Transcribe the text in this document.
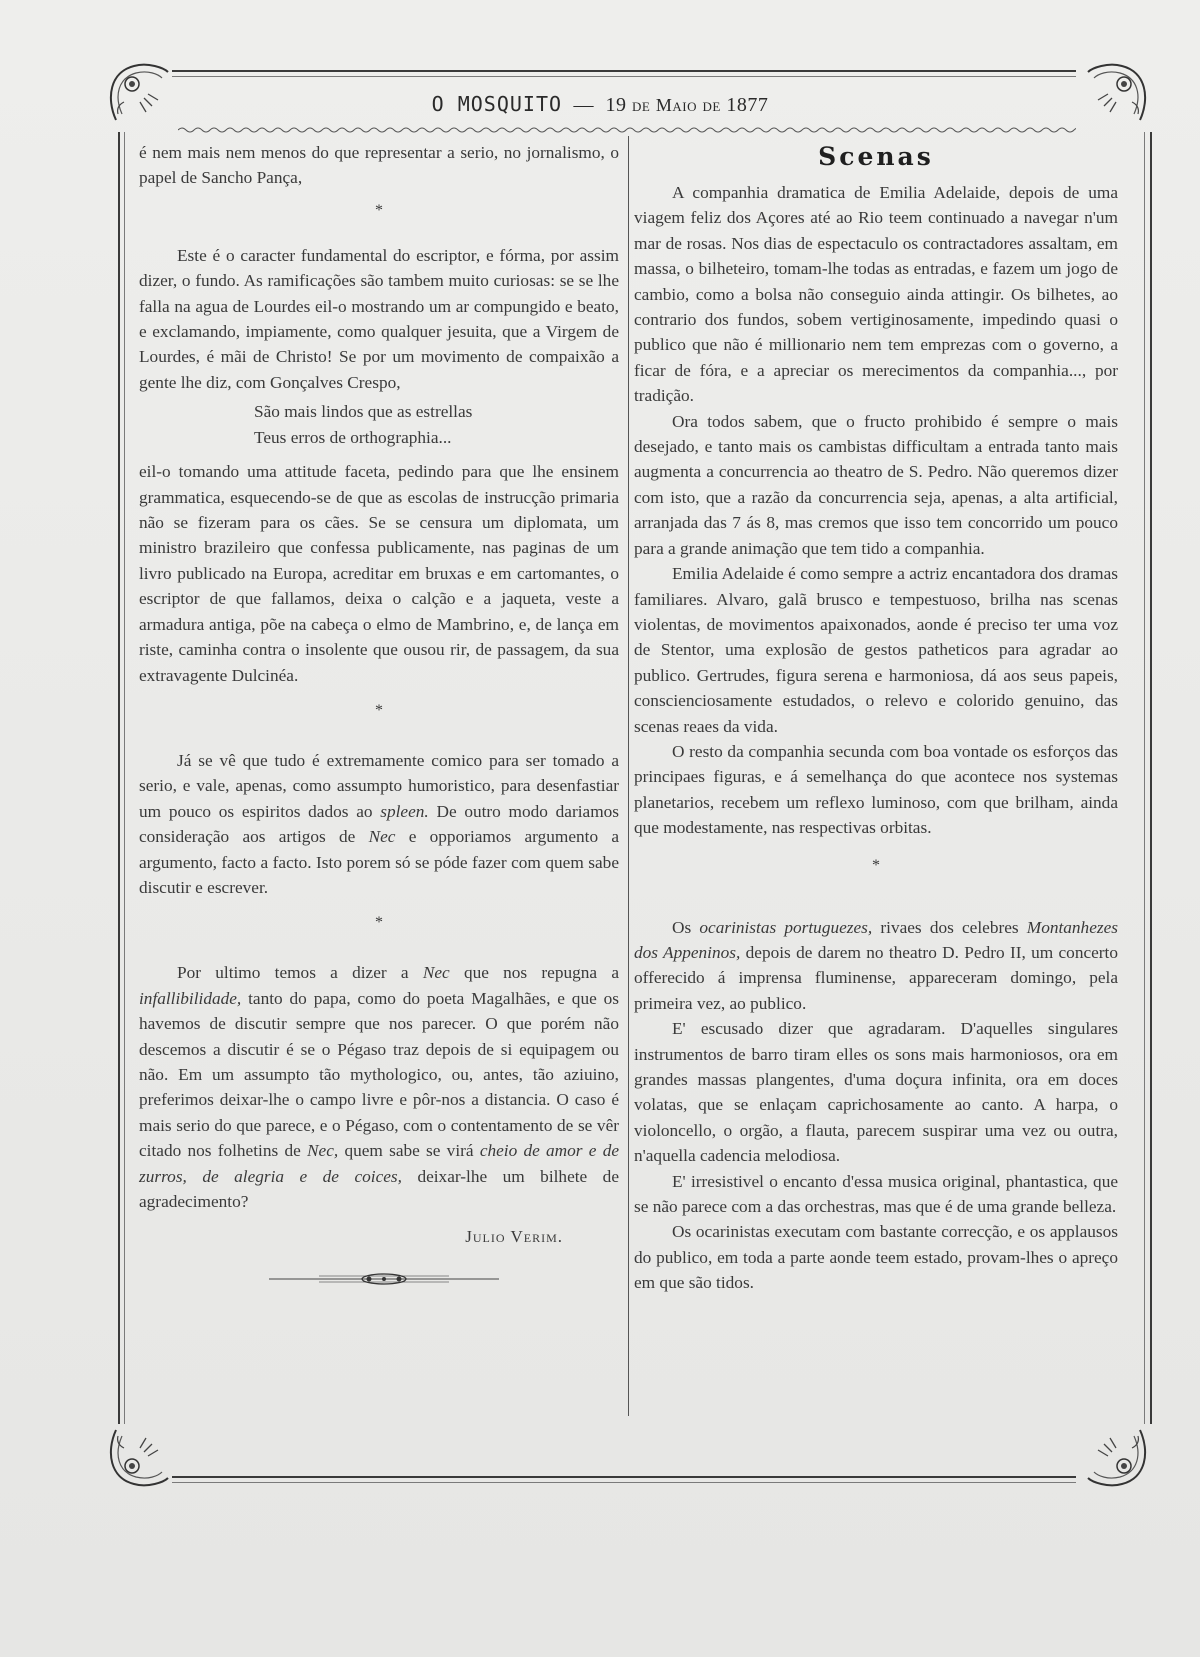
O MOSQUITO — 19 de Maio de 1877

é nem mais nem menos do que representar a serio, no jornalismo, o papel de Sancho Pança,

*

Este é o caracter fundamental do escriptor, e fórma, por assim dizer, o fundo. As ramificações são tambem muito curiosas: se se lhe falla na agua de Lourdes eil-o mostrando um ar compungido e beato, e exclamando, impiamente, como qualquer jesuita, que a Virgem de Lourdes, é mãi de Christo! Se por um movimento de compaixão a gente lhe diz, com Gonçalves Crespo,

São mais lindos que as estrellas

Teus erros de orthographia...

eil-o tomando uma attitude faceta, pedindo para que lhe ensinem grammatica, esquecendo-se de que as escolas de instrucção primaria não se fizeram para os cães. Se se censura um diplomata, um ministro brazileiro que confessa publicamente, nas paginas de um livro publicado na Europa, acreditar em bruxas e em cartomantes, o escriptor de que fallamos, deixa o calção e a jaqueta, veste a armadura antiga, põe na cabeça o elmo de Mambrino, e, de lança em riste, caminha contra o insolente que ousou rir, de passagem, da sua extravagente Dulcinéa.

*

Já se vê que tudo é extremamente comico para ser tomado a serio, e vale, apenas, como assumpto humoristico, para desenfastiar um pouco os espiritos dados ao spleen. De outro modo dariamos consideração aos artigos de Nec e opporiamos argumento a argumento, facto a facto. Isto porem só se póde fazer com quem sabe discutir e escrever.

*

Por ultimo temos a dizer a Nec que nos repugna a infallibilidade, tanto do papa, como do poeta Magalhães, e que os havemos de discutir sempre que nos parecer. O que porém não descemos a discutir é se o Pégaso traz depois de si equipagem ou não. Em um assumpto tão mythologico, ou, antes, tão aziuino, preferimos deixar-lhe o campo livre e pôr-nos a distancia. O caso é mais serio do que parece, e o Pégaso, com o contentamento de se vêr citado nos folhetins de Nec, quem sabe se virá cheio de amor e de zurros, de alegria e de coices, deixar-lhe um bilhete de agradecimento?

Julio Verim.

Scenas

A companhia dramatica de Emilia Adelaide, depois de uma viagem feliz dos Açores até ao Rio teem continuado a navegar n'um mar de rosas. Nos dias de espectaculo os contractadores assaltam, em massa, o bilheteiro, tomam-lhe todas as entradas, e fazem um jogo de cambio, como a bolsa não conseguio ainda attingir. Os bilhetes, ao contrario dos fundos, sobem vertiginosamente, impedindo quasi o publico que não é millionario nem tem emprezas com o governo, a ficar de fóra, e a apreciar os merecimentos da companhia..., por tradição.

Ora todos sabem, que o fructo prohibido é sempre o mais desejado, e tanto mais os cambistas difficultam a entrada tanto mais augmenta a concurrencia ao theatro de S. Pedro. Não queremos dizer com isto, que a razão da concurrencia seja, apenas, a alta artificial, arranjada das 7 ás 8, mas cremos que isso tem concorrido um pouco para a grande animação que tem tido a companhia.

Emilia Adelaide é como sempre a actriz encantadora dos dramas familiares. Alvaro, galã brusco e tempestuoso, brilha nas scenas violentas, de movimentos apaixonados, aonde é preciso ter uma voz de Stentor, uma explosão de gestos patheticos para agradar ao publico. Gertrudes, figura serena e harmoniosa, dá aos seus papeis, conscienciosamente estudados, o relevo e colorido genuino, das scenas reaes da vida.

O resto da companhia secunda com boa vontade os esforços das principaes figuras, e á semelhança do que acontece nos systemas planetarios, recebem um reflexo luminoso, com que brilham, ainda que modestamente, nas respectivas orbitas.

*

Os ocarinistas portuguezes, rivaes dos celebres Montanhezes dos Appeninos, depois de darem no theatro D. Pedro II, um concerto offerecido á imprensa fluminense, appareceram domingo, pela primeira vez, ao publico.

E' escusado dizer que agradaram. D'aquelles singulares instrumentos de barro tiram elles os sons mais harmoniosos, ora em grandes massas plangentes, d'uma doçura infinita, ora em doces volatas, que se enlaçam caprichosamente ao canto. A harpa, o violoncello, o orgão, a flauta, parecem suspirar uma vez ou outra, n'aquella cadencia melodiosa.

E' irresistivel o encanto d'essa musica original, phantastica, que se não parece com a das orchestras, mas que é de uma grande belleza.

Os ocarinistas executam com bastante correcção, e os applausos do publico, em toda a parte aonde teem estado, provam-lhes o apreço em que são tidos.
